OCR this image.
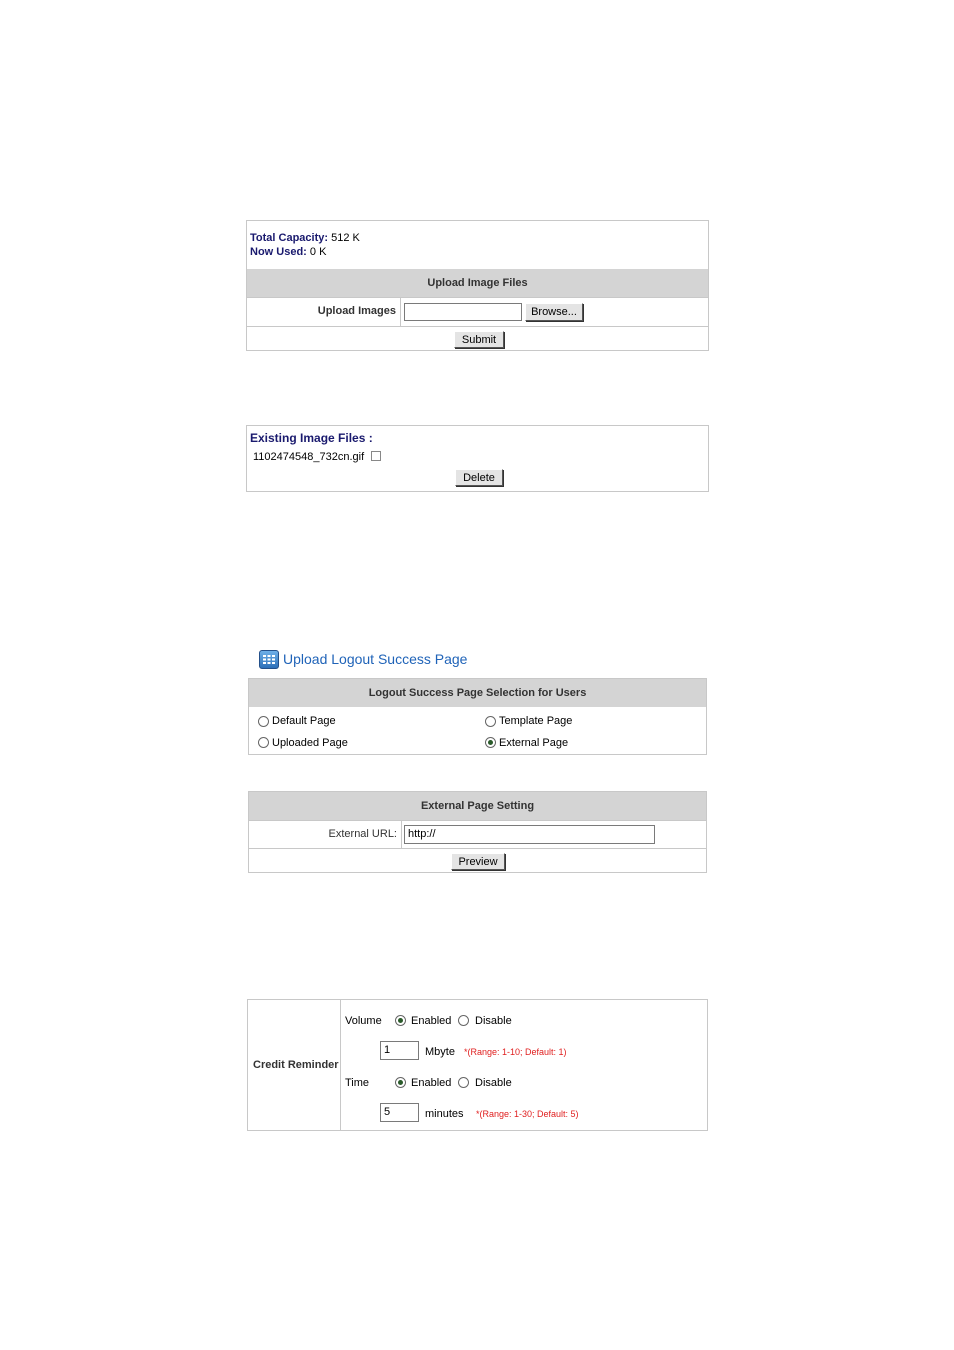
Total Capacity: 512 K
Now Used: 0 K
Upload Image Files
Upload Images	Browse...
Submit
Existing Image Files :
1102474548_732cn.gif
Delete
Upload Logout Success Page
Logout Success Page Selection for Users
Default Page	Template Page
Uploaded Page	External Page
External Page Setting
External URL:	http://
Preview
Credit Reminder
Volume	Enabled Disable
1	Mbyte *(Range: 1-10; Default: 1)
Time	Enabled Disable
5	minutes *(Range: 1-30; Default: 5)
